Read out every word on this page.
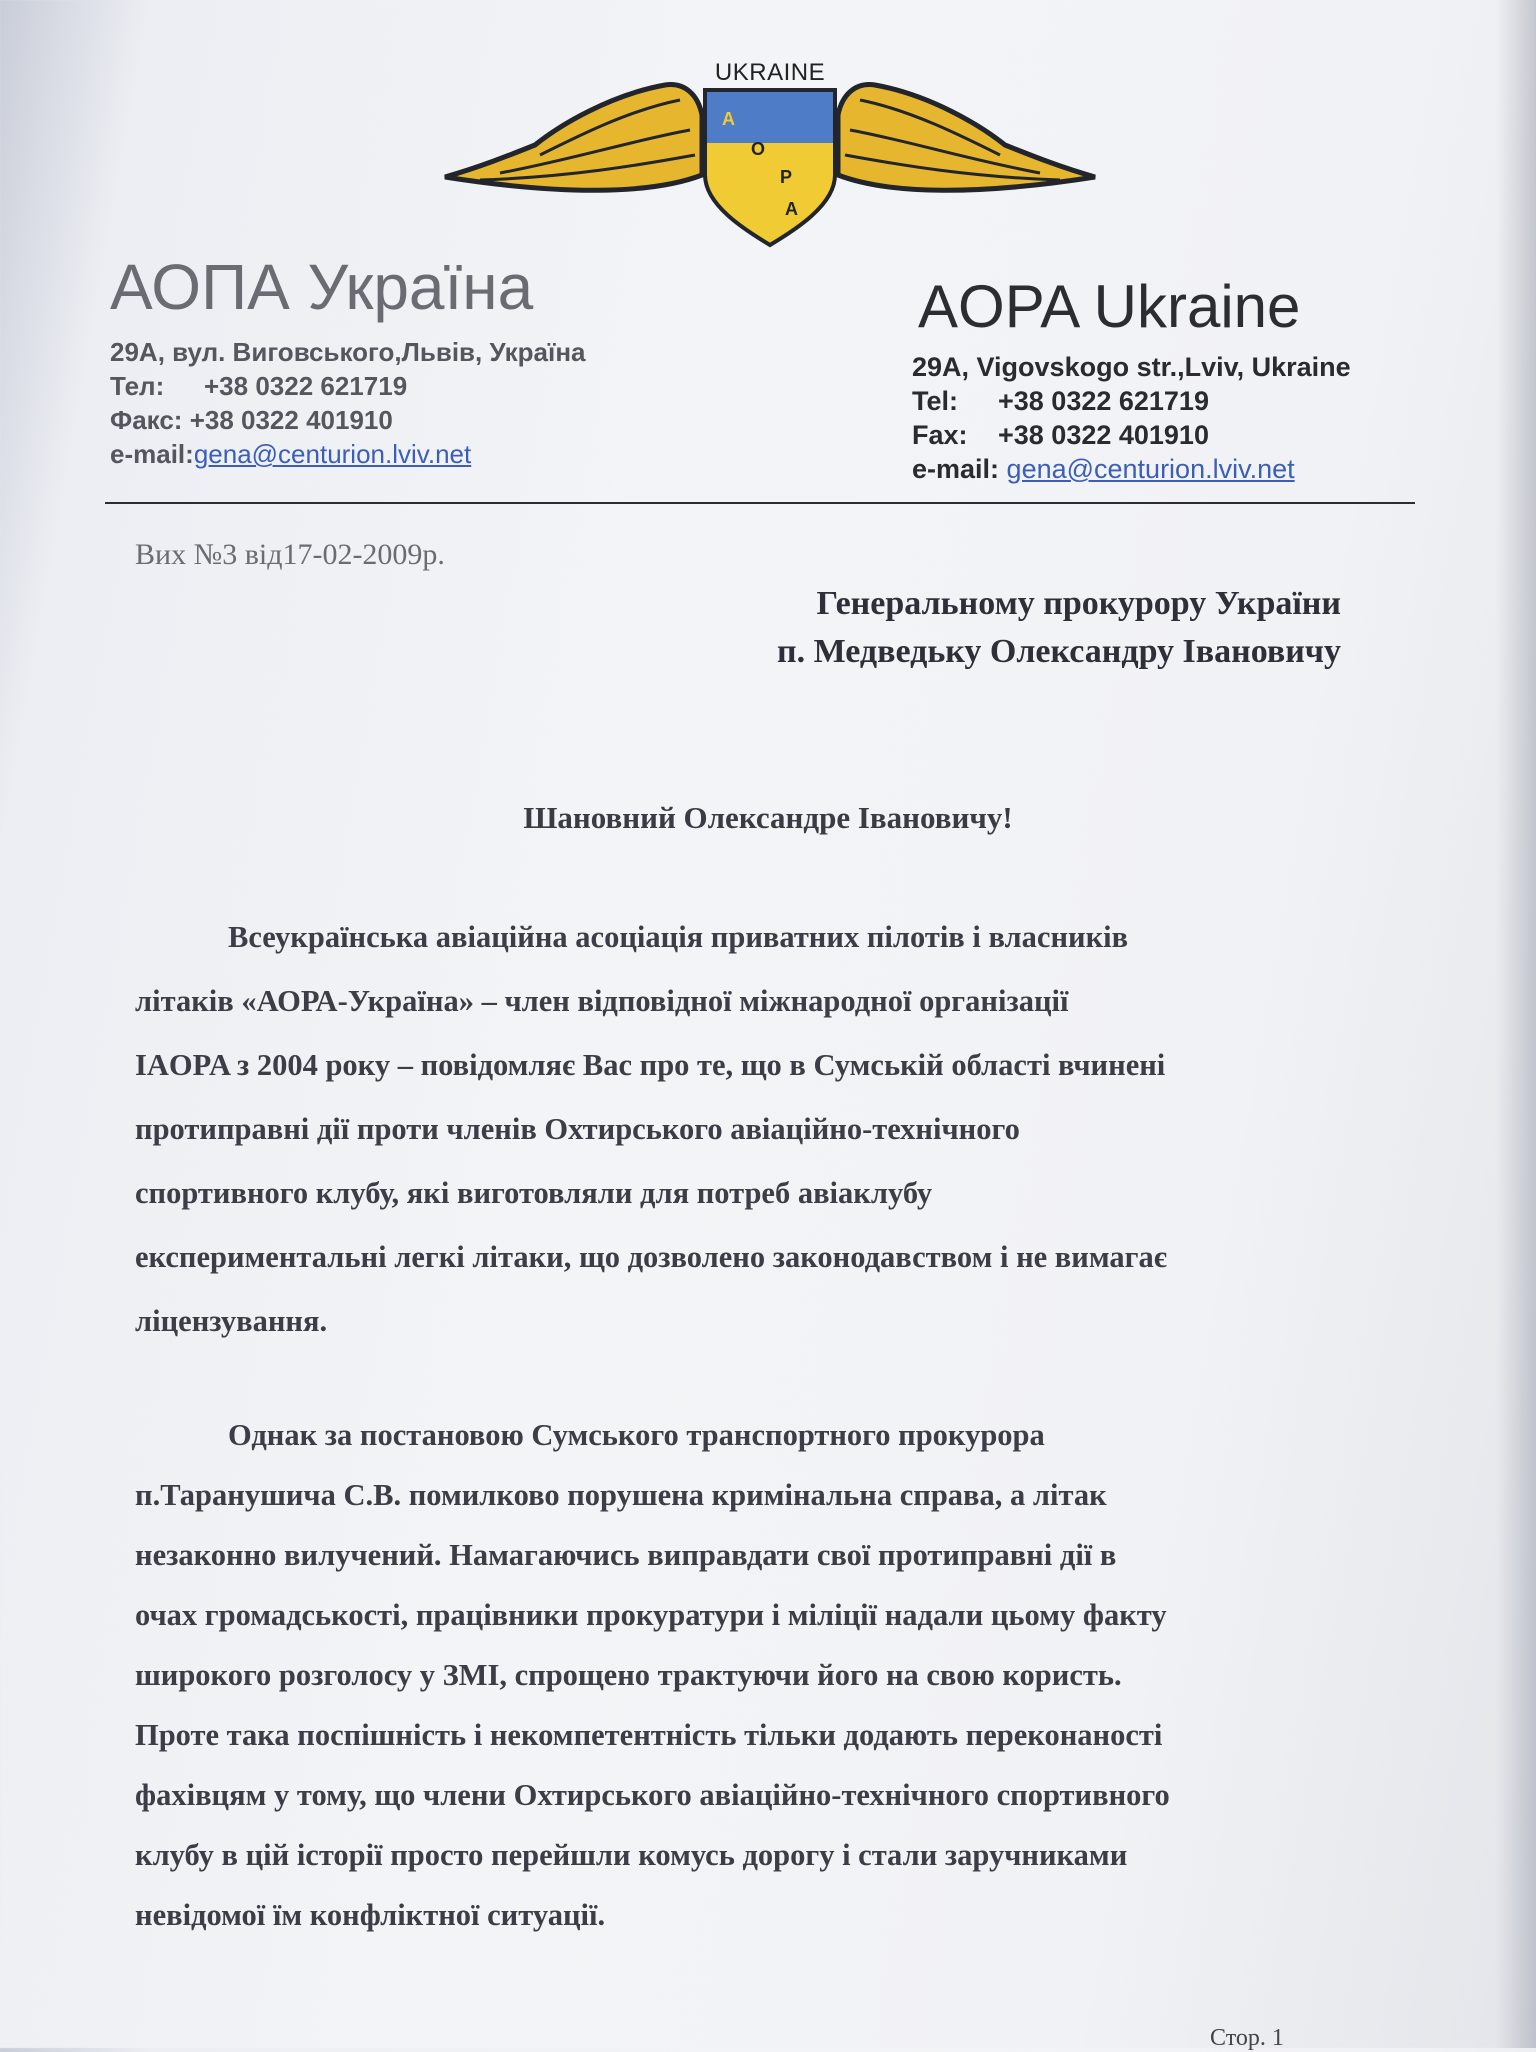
A
O
P
A
UKRAINE
АОПА Україна	AOPA Ukraine
29А, вул. Виговського,Львів, Україна
Тел: +38 0322 621719
Факс: +38 0322 401910
e-mail:gena@centurion.lviv.net
29A, Vigovskogo str.,Lviv, Ukraine
Tel: +38 0322 621719
Fax: +38 0322 401910
e-mail: gena@centurion.lviv.net
Вих №3 від17-02-2009р.
Генеральному прокурору України
п. Медведьку Олександру Івановичу
Шановний Олександре Івановичу!
Всеукраїнська авіаційна асоціація приватних пілотів і власників
літаків «АОРА-Україна» – член відповідної міжнародної організації
IAOPA з 2004 року – повідомляє Вас про те, що в Сумській області вчинені
протиправні дії проти членів Охтирського авіаційно-технічного
спортивного клубу, які виготовляли для потреб авіаклубу
експериментальні легкі літаки, що дозволено законодавством і не вимагає
ліцензування.
Однак за постановою Сумського транспортного прокурора
п.Таранушича С.В. помилково порушена кримінальна справа, а літак
незаконно вилучений. Намагаючись виправдати свої протиправні дії в
очах громадськості, працівники прокуратури і міліції надали цьому факту
широкого розголосу у ЗМІ, спрощено трактуючи його на свою користь.
Проте така поспішність і некомпетентність тільки додають переконаності
фахівцям у тому, що члени Охтирського авіаційно-технічного спортивного
клубу в цій історії просто перейшли комусь дорогу і стали заручниками
невідомої їм конфліктної ситуації.
Стор. 1
